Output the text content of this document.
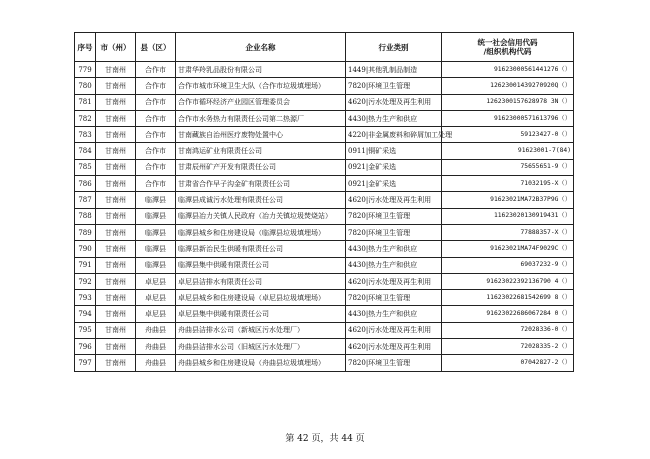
序号	市（州）	县（区）	企业名称	行业类别	统一社会信用代码
/组织机构代码
779	甘南州	合作市	甘肃华羚乳品股份有限公司	1449|其他乳制品制造	91623000561441276（）
780	甘南州	合作市	合作市城市环境卫生大队（合作市垃圾填埋场）	7820|环境卫生管理	12623001439270920Q（）
781	甘南州	合作市	合作市循环经济产业园区管理委员会	4620|污水处理及再生利用	1262300157628978 3N（）
782	甘南州	合作市	合作市水务热力有限责任公司第二热源厂	4430|热力生产和供应	91623000571613796（）
783	甘南州	合作市	甘南藏族自治州医疗废物处置中心	4220|非金属废料和碎屑加工处理	59123427-0（）
784	甘南州	合作市	甘南鸿运矿业有限责任公司	0911|铜矿采选	91623001-7(84)
785	甘南州	合作市	甘肃辰州矿产开发有限责任公司	0921|金矿采选	75655651-9（）
786	甘南州	合作市	甘肃省合作早子沟金矿有限责任公司	0921|金矿采选	71032195-X（）
787	甘南州	临潭县	临潭县成诚污水处理有限责任公司	4620|污水处理及再生利用	91623021MA72B37P9G（）
788	甘南州	临潭县	临潭县冶力关镇人民政府（冶力关镇垃圾焚烧站）	7820|环境卫生管理	11623020130919431（）
789	甘南州	临潭县	临潭县城乡和住房建设局（临潭县垃圾填埋场）	7820|环境卫生管理	77888357-X（）
790	甘南州	临潭县	临潭县新治民生供暖有限责任公司	4430|热力生产和供应	91623021MA74F9029C（）
791	甘南州	临潭县	临潭县集中供暖有限责任公司	4430|热力生产和供应	69037232-9（）
792	甘南州	卓尼县	卓尼县洁排水有限责任公司	4620|污水处理及再生利用	91623022392136790 4（）
793	甘南州	卓尼县	卓尼县城乡和住房建设局（卓尼县垃圾填埋场）	7820|环境卫生管理	11623022681542699 8（）
794	甘南州	卓尼县	卓尼县集中供暖有限责任公司	4430|热力生产和供应	91623022686067284 0（）
795	甘南州	舟曲县	舟曲县洁排水公司（新城区污水处理厂）	4620|污水处理及再生利用	72028336-0（）
796	甘南州	舟曲县	舟曲县洁排水公司（旧城区污水处理厂）	4620|污水处理及再生利用	72028335-2（）
797	甘南州	舟曲县	舟曲县城乡和住房建设局（舟曲县垃圾填埋场）	7820|环境卫生管理	07042827-2（）
第 42 页，共 44 页
